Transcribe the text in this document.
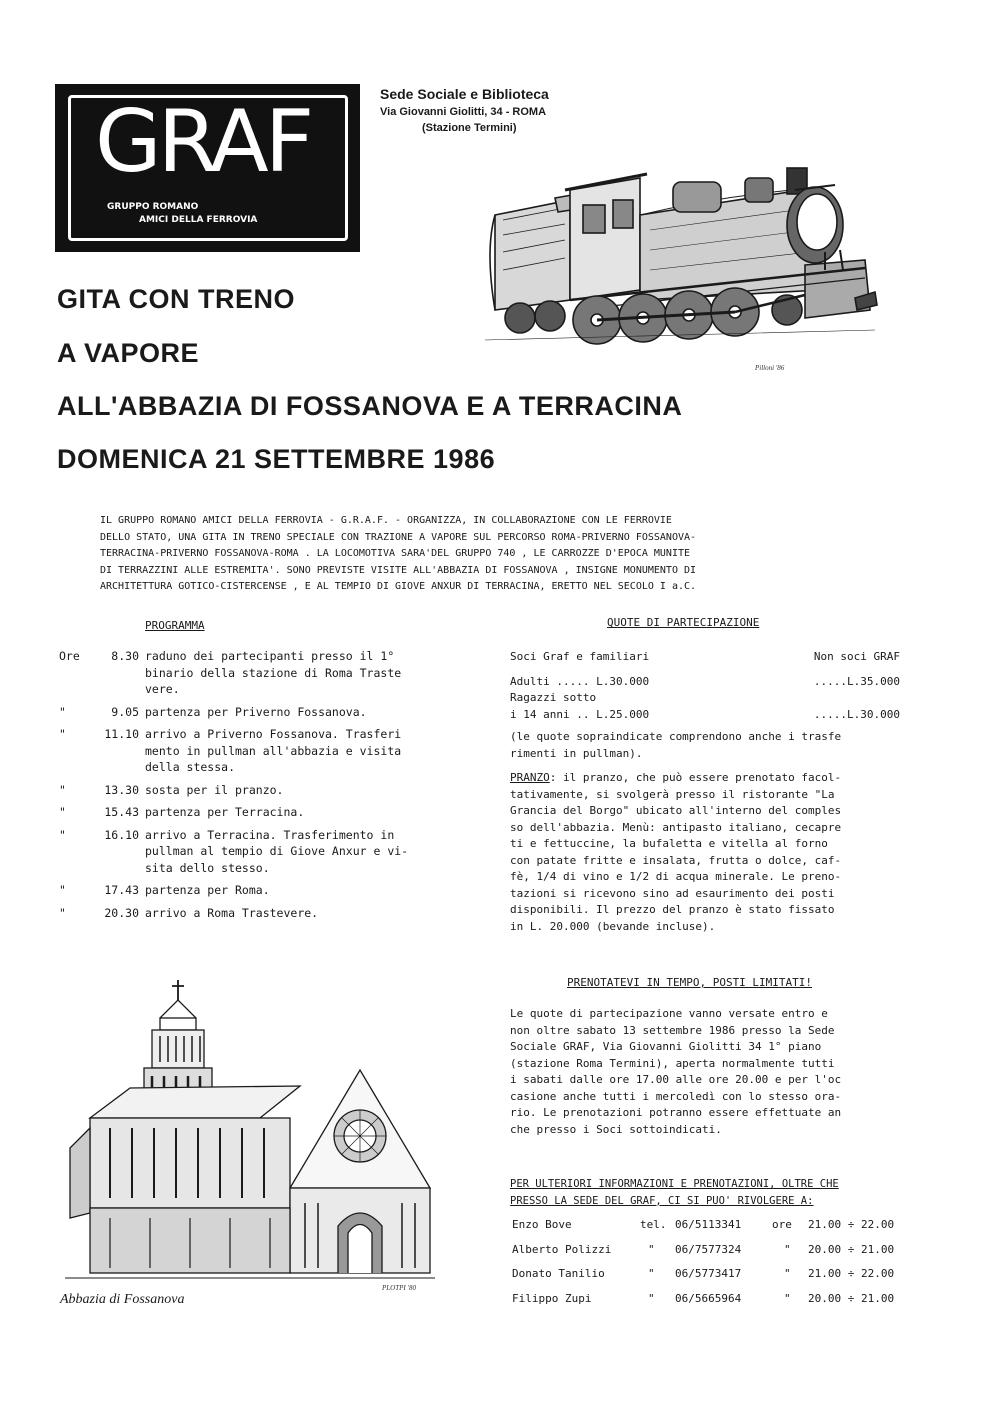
GRAF
GRUPPO ROMANO
AMICI DELLA FERROVIA
Sede Sociale e Biblioteca
Via Giovanni Giolitti, 34 - ROMA
(Stazione Termini)
Pilloni '86
GITA CON TRENO
A VAPORE
ALL'ABBAZIA DI FOSSANOVA E A TERRACINA
DOMENICA 21 SETTEMBRE 1986
IL GRUPPO ROMANO AMICI DELLA FERROVIA - G.R.A.F. - ORGANIZZA, IN COLLABORAZIONE CON LE FERROVIE
DELLO STATO, UNA GITA IN TRENO SPECIALE CON TRAZIONE A VAPORE SUL PERCORSO ROMA-PRIVERNO FOSSANOVA-
TERRACINA-PRIVERNO FOSSANOVA-ROMA . LA LOCOMOTIVA SARA'DEL GRUPPO 740 , LE CARROZZE D'EPOCA MUNITE
DI TERRAZZINI ALLE ESTREMITA'. SONO PREVISTE VISITE ALL'ABBAZIA DI FOSSANOVA , INSIGNE MONUMENTO DI
ARCHITETTURA GOTICO-CISTERCENSE , E AL TEMPIO DI GIOVE ANXUR DI TERRACINA, ERETTO NEL SECOLO I a.C.
PROGRAMMA
Ore	8.30 raduno dei partecipanti presso il 1°
binario della stazione di Roma Traste
vere.
"	9.05 partenza per Priverno Fossanova.
"	11.10 arrivo a Priverno Fossanova. Trasferi
mento in pullman all'abbazia e visita
della stessa.
"	13.30 sosta per il pranzo.
"	15.43 partenza per Terracina.
"	16.10 arrivo a Terracina. Trasferimento in
pullman al tempio di Giove Anxur e vi-
sita dello stesso.
"	17.43 partenza per Roma.
"	20.30 arrivo a Roma Trastevere.
QUOTE DI PARTECIPAZIONE
Soci Graf e familiari	Non soci GRAF
Adulti ..... L.30.000	.....L.35.000
Ragazzi sotto
i 14 anni .. L.25.000	.....L.30.000
(le quote sopraindicate comprendono anche i trasfe
rimenti in pullman).
PRANZO: il pranzo, che può essere prenotato facol-
tativamente, si svolgerà presso il ristorante "La
Grancia del Borgo" ubicato all'interno del comples
so dell'abbazia. Menù: antipasto italiano, cecapre
ti e fettuccine, la bufaletta e vitella al forno
con patate fritte e insalata, frutta o dolce, caf-
fè, 1/4 di vino e 1/2 di acqua minerale. Le preno-
tazioni si ricevono sino ad esaurimento dei posti
disponibili. Il prezzo del pranzo è stato fissato
in L. 20.000 (bevande incluse).
PLOTPI '80
Abbazia di Fossanova
PRENOTATEVI IN TEMPO, POSTI LIMITATI!
Le quote di partecipazione vanno versate entro e
non oltre sabato 13 settembre 1986 presso la Sede
Sociale GRAF, Via Giovanni Giolitti 34 1° piano
(stazione Roma Termini), aperta normalmente tutti
i sabati dalle ore 17.00 alle ore 20.00 e per l'oc
casione anche tutti i mercoledì con lo stesso ora-
rio. Le prenotazioni potranno essere effettuate an
che presso i Soci sottoindicati.
PER ULTERIORI INFORMAZIONI E PRENOTAZIONI, OLTRE CHE
PRESSO LA SEDE DEL GRAF, CI SI PUO' RIVOLGERE A:
Enzo Bove	tel. 06/5113341	ore 21.00 ÷ 22.00
Alberto Polizzi	" 06/7577324	" 20.00 ÷ 21.00
Donato Tanilio	" 06/5773417	" 21.00 ÷ 22.00
Filippo Zupi	" 06/5665964	" 20.00 ÷ 21.00
